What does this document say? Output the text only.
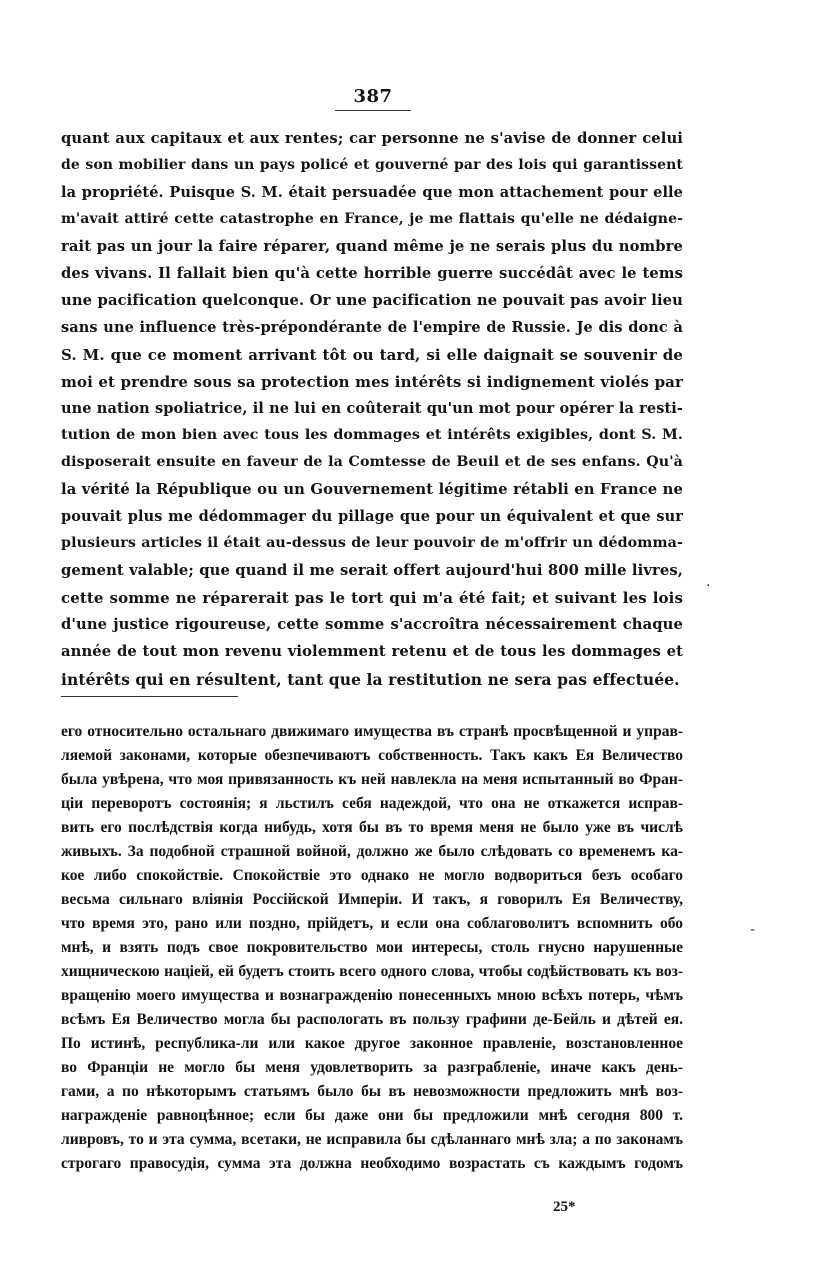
387
quant aux capitaux et aux rentes; car personne ne s'avise de donner celui
de son mobilier dans un pays policé et gouverné par des lois qui garantissent
la propriété. Puisque S. M. était persuadée que mon attachement pour elle
m'avait attiré cette catastrophe en France, je me flattais qu'elle ne dédaigne-
rait pas un jour la faire réparer, quand même je ne serais plus du nombre
des vivans. Il fallait bien qu'à cette horrible guerre succédât avec le tems
une pacification quelconque. Or une pacification ne pouvait pas avoir lieu
sans une influence très-prépondérante de l'empire de Russie. Je dis donc à
S. M. que ce moment arrivant tôt ou tard, si elle daignait se souvenir de
moi et prendre sous sa protection mes intérêts si indignement violés par
une nation spoliatrice, il ne lui en coûterait qu'un mot pour opérer la resti-
tution de mon bien avec tous les dommages et intérêts exigibles, dont S. M.
disposerait ensuite en faveur de la Comtesse de Beuil et de ses enfans. Qu'à
la vérité la République ou un Gouvernement légitime rétabli en France ne
pouvait plus me dédommager du pillage que pour un équivalent et que sur
plusieurs articles il était au-dessus de leur pouvoir de m'offrir un dédomma-
gement valable; que quand il me serait offert aujourd'hui 800 mille livres,
cette somme ne réparerait pas le tort qui m'a été fait; et suivant les lois
d'une justice rigoureuse, cette somme s'accroîtra nécessairement chaque
année de tout mon revenu violemment retenu et de tous les dommages et
intérêts qui en résultent, tant que la restitution ne sera pas effectuée.
его относительно остальнаго движимаго имущества въ странѣ просвѣщенной и управ-
ляемой законами, которые обезпечиваютъ собственность. Такъ какъ Ея Величество
была увѣрена, что моя привязанность къ ней навлекла на меня испытанный во Фран-
ціи переворотъ состоянія; я льстилъ себя надеждой, что она не откажется исправ-
вить его послѣдствія когда нибудь, хотя бы въ то время меня не было уже въ числѣ
живыхъ. За подобной страшной войной, должно же было слѣдовать со временемъ ка-
кое либо спокойствіе. Спокойствіе это однако не могло водвориться безъ особаго
весьма сильнаго вліянія Россійской Имперіи. И такъ, я говорилъ Ея Величеству,
что время это, рано или поздно, прійдетъ, и если она соблаговолитъ вспомнить обо
мнѣ, и взять подъ свое покровительство мои интересы, столь гнусно нарушенные
хищническою націей, ей будетъ стоить всего одного слова, чтобы содѣйствовать къ воз-
вращенію моего имущества и вознагражденію понесенныхъ мною всѣхъ потерь, чѣмъ
всѣмъ Ея Величество могла бы распологать въ пользу графини де-Бейль и дѣтей ея.
По истинѣ, республика-ли или какое другое законное правленіе, возстановленное
во Франціи не могло бы меня удовлетворить за разграбленіе, иначе какъ день-
гами, а по нѣкоторымъ статьямъ было бы въ невозможности предложить мнѣ воз-
награжденіе равноцѣнное; если бы даже они бы предложили мнѣ сегодня 800 т.
ливровъ, то и эта сумма, всетаки, не исправила бы сдѣланнаго мнѣ зла; а по законамъ
строгаго правосудія, сумма эта должна необходимо возрастать съ каждымъ годомъ
25*
·
-
